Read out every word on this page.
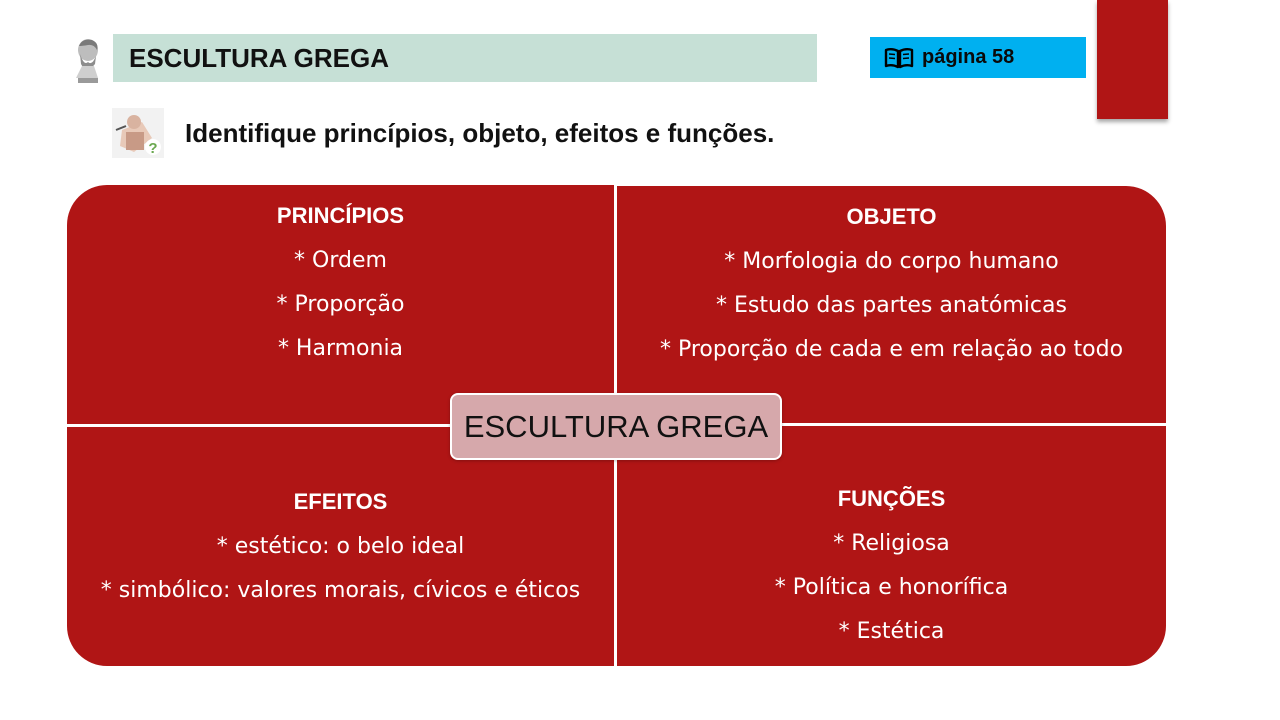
ESCULTURA GREGA	página 58
?
Identifique princípios, objeto, efeitos e funções.
PRINCÍPIOS
* Ordem
* Proporção
* Harmonia
OBJETO
* Morfologia do corpo humano
* Estudo das partes anatómicas
* Proporção de cada e em relação ao todo
EFEITOS
* estético: o belo ideal
* simbólico: valores morais, cívicos e éticos
FUNÇÕES
* Religiosa
* Política e honorífica
* Estética
ESCULTURA GREGA
